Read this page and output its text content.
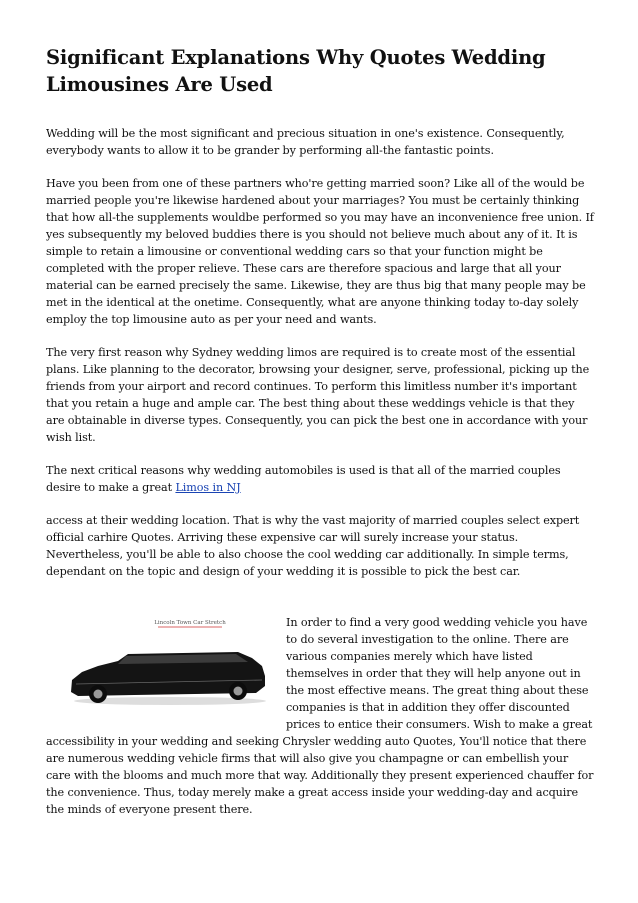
Significant Explanations Why Quotes Wedding Limousines Are Used

Wedding will be the most significant and precious situation in one's existence. Consequently, everybody wants to allow it to be grander by performing all-the fantastic points.

Have you been from one of these partners who're getting married soon? Like all of the would be married people you're likewise hardened about your marriages? You must be certainly thinking that how all-the supplements wouldbe performed so you may have an inconvenience free union. If yes subsequently my beloved buddies there is you should not believe much about any of it. It is simple to retain a limousine or conventional wedding cars so that your function might be completed with the proper relieve. These cars are therefore spacious and large that all your material can be earned precisely the same. Likewise, they are thus big that many people may be met in the identical at the onetime. Consequently, what are anyone thinking today to-day solely employ the top limousine auto as per your need and wants.

The very first reason why Sydney wedding limos are required is to create most of the essential plans. Like planning to the decorator, browsing your designer, serve, professional, picking up the friends from your airport and record continues. To perform this limitless number it's important that you retain a huge and ample car. The best thing about these weddings vehicle is that they are obtainable in diverse types. Consequently, you can pick the best one in accordance with your wish list.

The next critical reasons why wedding automobiles is used is that all of the married couples desire to make a great Limos in NJ

access at their wedding location. That is why the vast majority of married couples select expert official carhire Quotes. Arriving these expensive car will surely increase your status. Nevertheless, you'll be able to also choose the cool wedding car additionally. In simple terms, dependant on the topic and design of your wedding it is possible to pick the best car.

Lincoln Town Car Stretch	In order to find a very good wedding vehicle you have to do several investigation to the online. There are various companies merely which have listed themselves in order that they will help anyone out in the most effective means. The great thing about these companies is that in addition they offer discounted prices to entice their consumers. Wish to make a great accessibility in your wedding and seeking Chrysler wedding auto Quotes, You'll notice that there are numerous wedding vehicle firms that will also give you champagne or can embellish your care with the blooms and much more that way. Additionally they present experienced chauffer for the convenience. Thus, today merely make a great access inside your wedding-day and acquire the minds of everyone present there.
